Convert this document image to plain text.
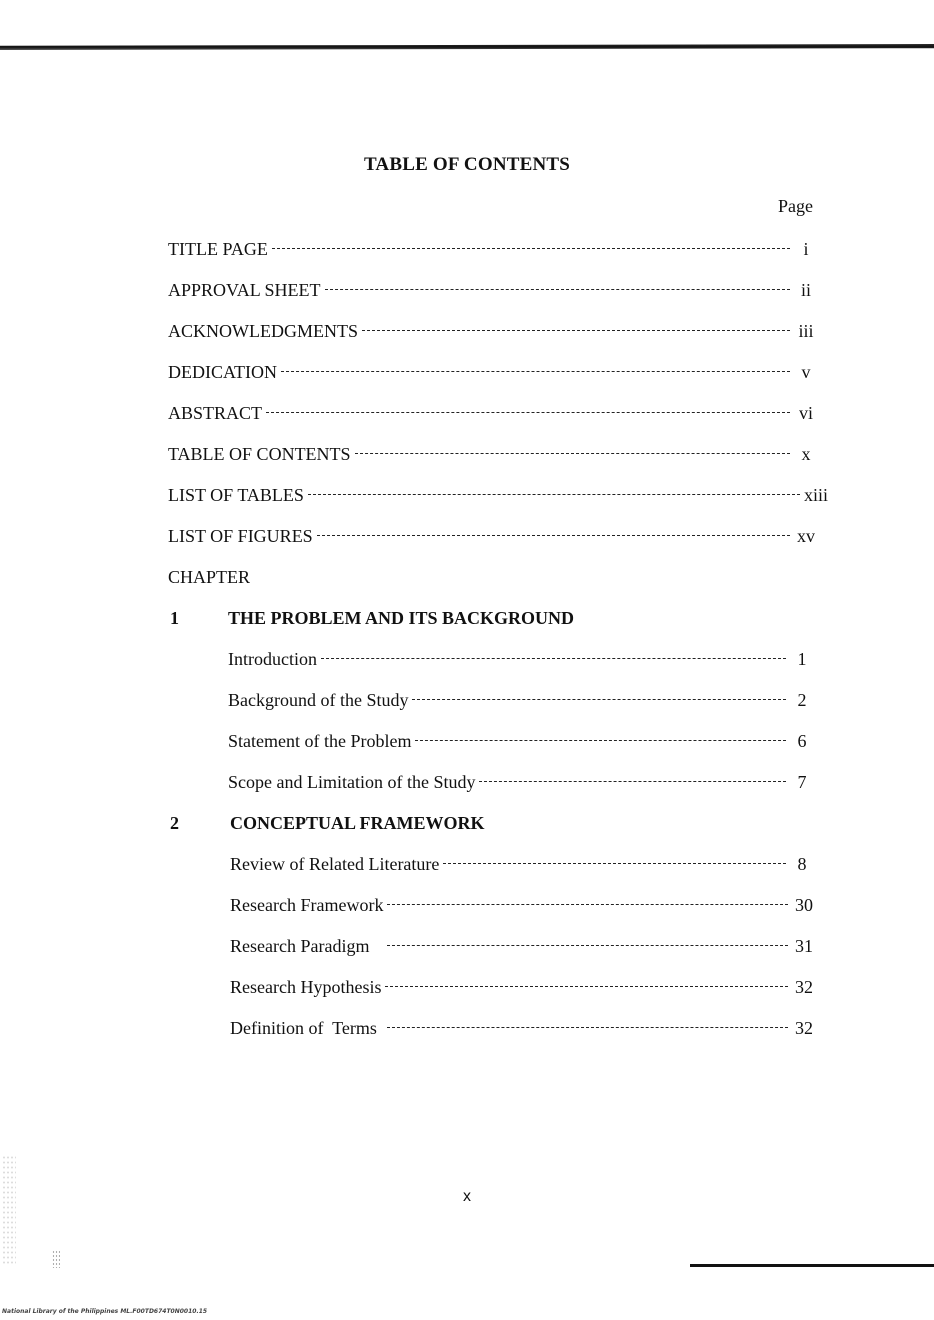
TABLE OF CONTENTS
Page
TITLE PAGE	i
APPROVAL SHEET	ii
ACKNOWLEDGMENTS	iii
DEDICATION	v
ABSTRACT	vi
TABLE OF CONTENTS	x
LIST OF TABLES	xiii
LIST OF FIGURES	xv
CHAPTER
1	THE PROBLEM AND ITS BACKGROUND
Introduction	1
Background of the Study	2
Statement of the Problem	6
Scope and Limitation of the Study	7
2	CONCEPTUAL FRAMEWORK
Review of Related Literature	8
Research Framework	30
Research Paradigm	31
Research Hypothesis	32
Definition of  Terms	32
x
National Library of the Philippines ML.F00TD674T0N0010.15
